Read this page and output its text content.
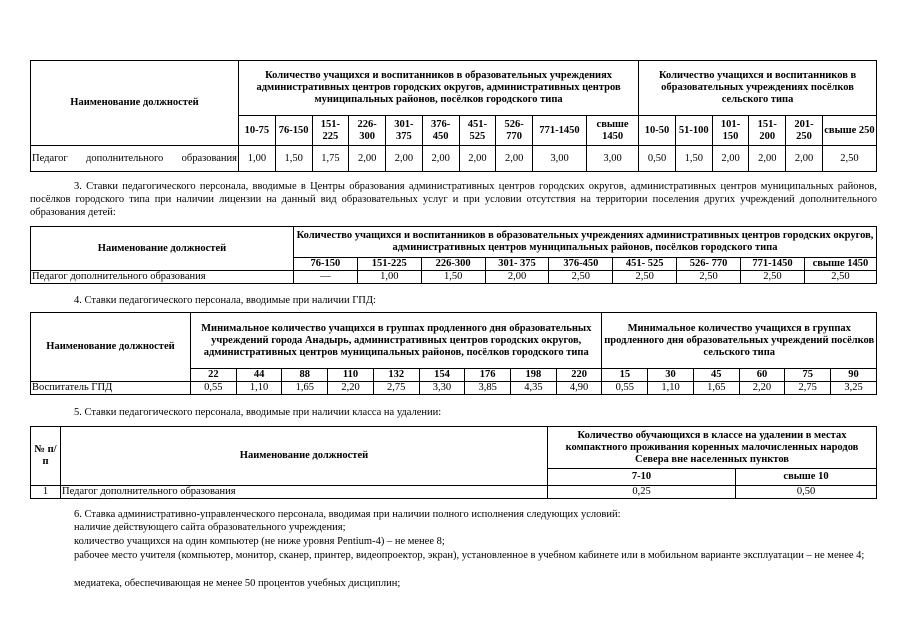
Наименование должностей	Количество учащихся и воспитанников в образовательных учреждениях административных центров городских округов, административных центров муниципальных районов, посёлков городского типа										Количество учащихся и воспитанников в образовательных учреждениях посёлков сельского типа					
	10-75	76-150	151-225	226-300	301-375	376-450	451-525	526-770	771-1450	свыше 1450	10-50	51-100	101-150	151-200	201-250	свыше 250
Педагог дополнительного образования	1,00	1,50	1,75	2,00	2,00	2,00	2,00	2,00	3,00	3,00	0,50	1,50	2,00	2,00	2,00	2,50

3. Ставки педагогического персонала, вводимые в Центры образования административных центров городских округов, административных центров муниципальных районов, посёлков городского типа при наличии лицензии на данный вид образовательных услуг и при условии отсутствия на территории поселения других учреждений дополнительного образования детей:

Наименование должностей	Количество учащихся и воспитанников в образовательных учреждениях административных центров городских округов, административных центров муниципальных районов, посёлков городского типа								
	76-150	151-225	226-300	301- 375	376-450	451- 525	526- 770	771-1450	свыше 1450
Педагог дополнительного образования	—	1,00	1,50	2,00	2,50	2,50	2,50	2,50	2,50

4. Ставки педагогического персонала, вводимые при наличии ГПД:

Наименование должностей	Минимальное количество учащихся в группах продленного дня образовательных учреждений города Анадырь, административных центров городских округов, административных центров муниципальных районов, посёлков городского типа									Минимальное количество учащихся в группах продленного дня образовательных учреждений посёлков сельского типа					
	22	44	88	110	132	154	176	198	220	15	30	45	60	75	90
Воспитатель ГПД	0,55	1,10	1,65	2,20	2,75	3,30	3,85	4,35	4,90	0,55	1,10	1,65	2,20	2,75	3,25

5. Ставки педагогического персонала, вводимые при наличии класса на удалении:

№ п/п	Наименование должностей	Количество обучающихся в классе на удалении в местах компактного проживания коренных малочисленных народов Севера вне населенных пунктов	
		7-10	свыше 10
1	Педагог дополнительного образования	0,25	0,50

6. Ставка административно-управленческого персонала, вводимая при наличии полного исполнения следующих условий:

наличие действующего сайта образовательного учреждения;

количество учащихся на один компьютер (не ниже уровня Pentium-4) – не менее 8;

рабочее место учителя (компьютер, монитор, сканер, принтер, видеопроектор, экран), установленное в учебном кабинете или в мобильном варианте эксплуатации – не менее 4;

медиатека, обеспечивающая не менее 50 процентов учебных дисциплин;
